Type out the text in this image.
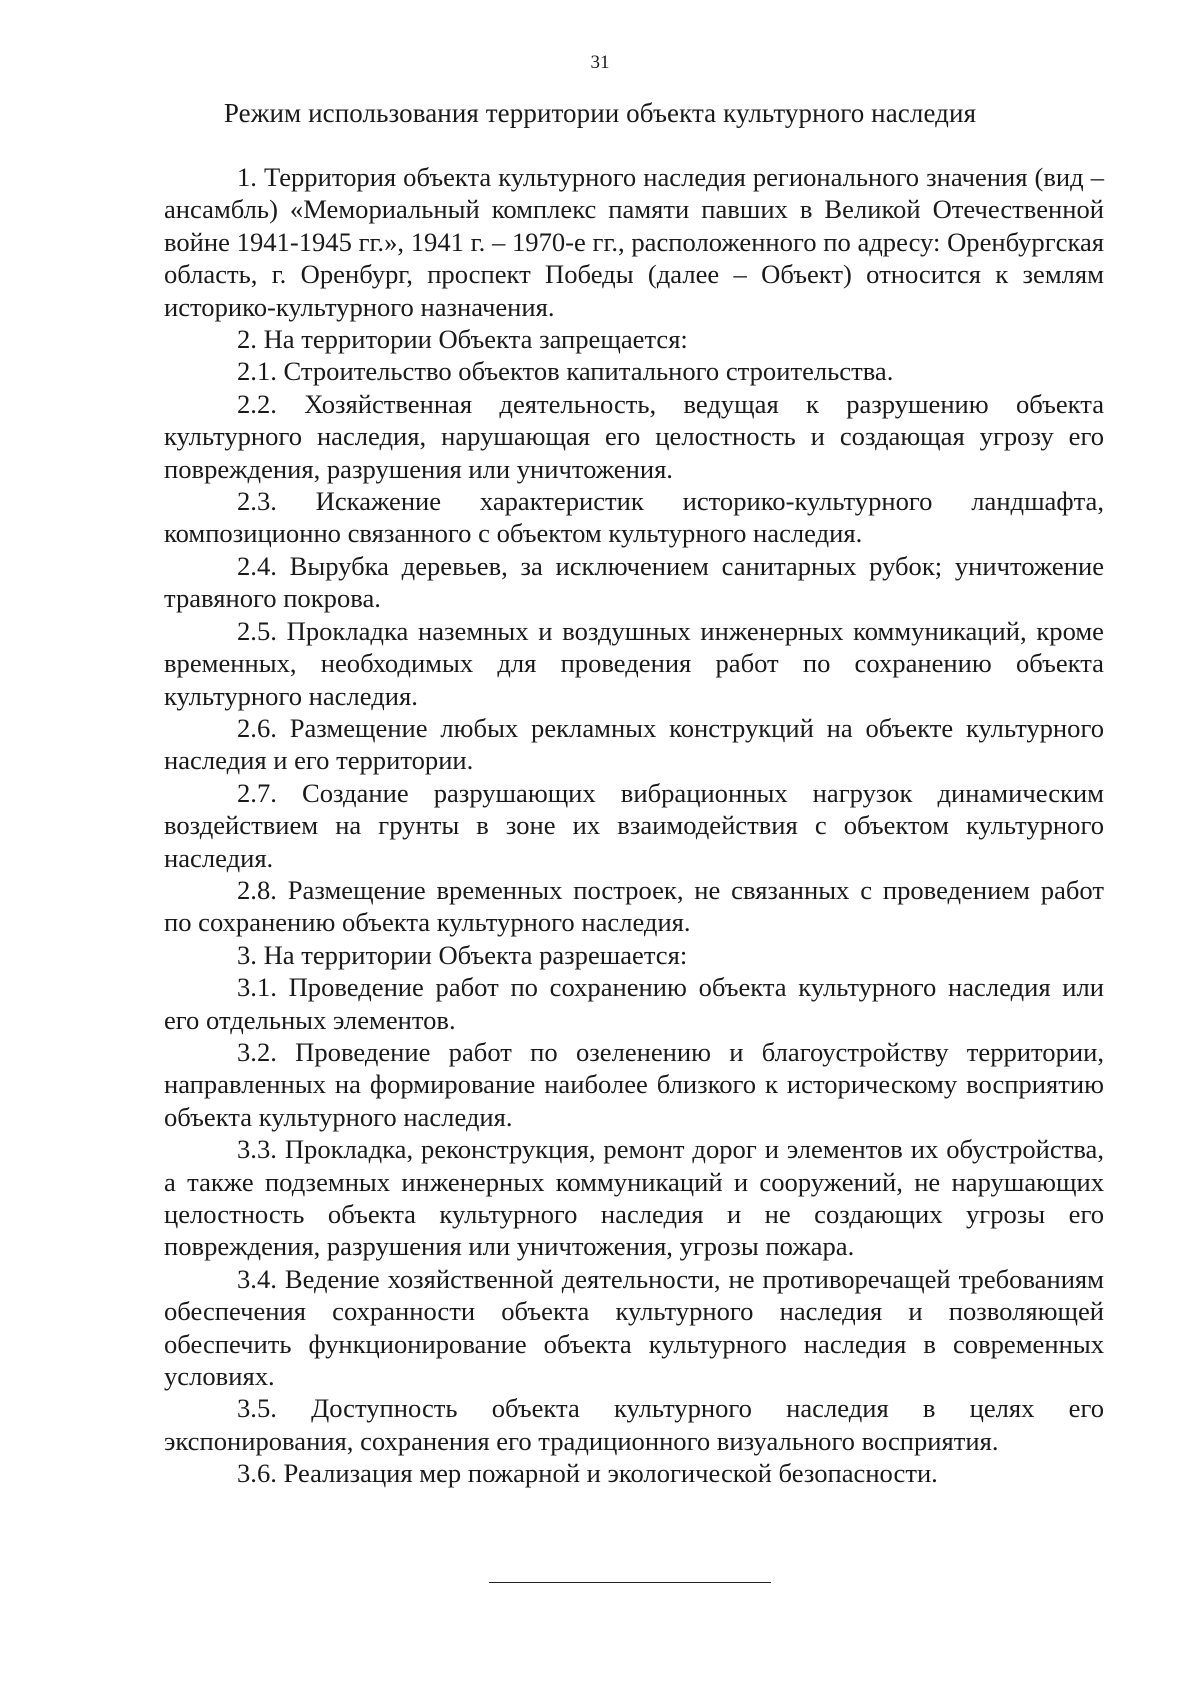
31
Режим использования территории объекта культурного наследия

1. Территория объекта культурного наследия регионального значения (вид – ансамбль) «Мемориальный комплекс памяти павших в Великой Отечественной войне 1941-1945 гг.», 1941 г. – 1970-е гг., расположенного по адресу: Оренбургская область, г. Оренбург, проспект Победы (далее – Объект) относится к землям историко-культурного назначения.

2. На территории Объекта запрещается:

2.1. Строительство объектов капитального строительства.

2.2. Хозяйственная деятельность, ведущая к разрушению объекта культурного наследия, нарушающая его целостность и создающая угрозу его повреждения, разрушения или уничтожения.

2.3. Искажение характеристик историко-культурного ландшафта, композиционно связанного с объектом культурного наследия.

2.4. Вырубка деревьев, за исключением санитарных рубок; уничтожение травяного покрова.

2.5. Прокладка наземных и воздушных инженерных коммуникаций, кроме временных, необходимых для проведения работ по сохранению объекта культурного наследия.

2.6. Размещение любых рекламных конструкций на объекте культурного наследия и его территории.

2.7. Создание разрушающих вибрационных нагрузок динамическим воздействием на грунты в зоне их взаимодействия с объектом культурного наследия.

2.8. Размещение временных построек, не связанных с проведением работ по сохранению объекта культурного наследия.

3. На территории Объекта разрешается:

3.1. Проведение работ по сохранению объекта культурного наследия или его отдельных элементов.

3.2. Проведение работ по озеленению и благоустройству территории, направленных на формирование наиболее близкого к историческому восприятию объекта культурного наследия.

3.3. Прокладка, реконструкция, ремонт дорог и элементов их обустройства, а также подземных инженерных коммуникаций и сооружений, не нарушающих целостность объекта культурного наследия и не создающих угрозы его повреждения, разрушения или уничтожения, угрозы пожара.

3.4. Ведение хозяйственной деятельности, не противоречащей требованиям обеспечения сохранности объекта культурного наследия и позволяющей обеспечить функционирование объекта культурного наследия в современных условиях.

3.5. Доступность объекта культурного наследия в целях его экспонирования, сохранения его традиционного визуального восприятия.

3.6. Реализация мер пожарной и экологической безопасности.
